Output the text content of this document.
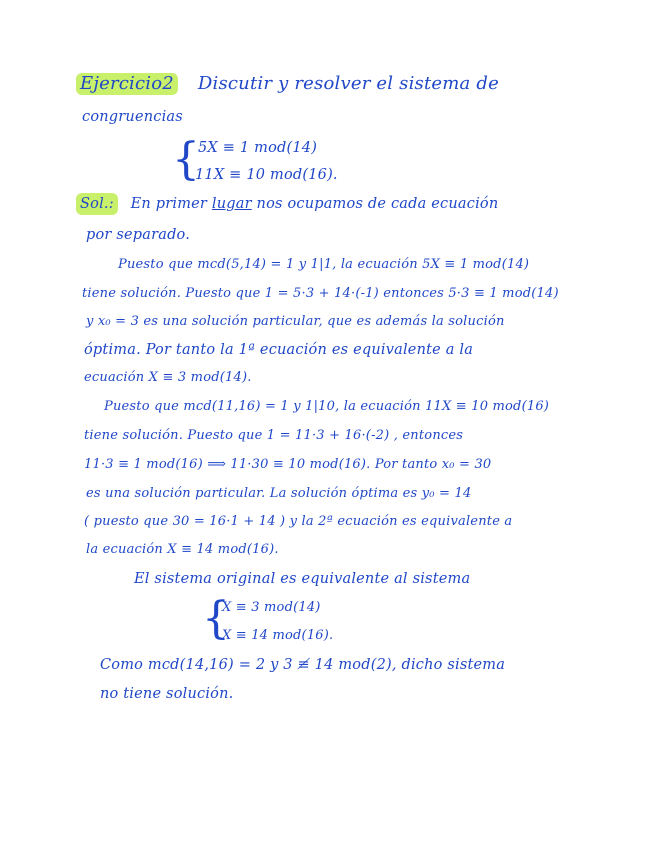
Ejercicio2 Discutir y resolver el sistema de
congruencias
{
5X ≡ 1 mod(14)
11X ≡ 10 mod(16).
Sol.: En primer lugar nos ocupamos de cada ecuación
por separado.
Puesto que mcd(5,14) = 1 y 1|1, la ecuación 5X ≡ 1 mod(14)
tiene solución. Puesto que 1 = 5·3 + 14·(-1) entonces 5·3 ≡ 1 mod(14)
y x₀ = 3 es una solución particular, que es además la solución
óptima. Por tanto la 1ª ecuación es equivalente a la
ecuación X ≡ 3 mod(14).
Puesto que mcd(11,16) = 1 y 1|10, la ecuación 11X ≡ 10 mod(16)
tiene solución. Puesto que 1 = 11·3 + 16·(-2) , entonces
11·3 ≡ 1 mod(16) ⟹ 11·30 ≡ 10 mod(16). Por tanto x₀ = 30
es una solución particular. La solución óptima es y₀ = 14
( puesto que 30 = 16·1 + 14 ) y la 2ª ecuación es equivalente a
la ecuación X ≡ 14 mod(16).
El sistema original es equivalente al sistema
{
X ≡ 3 mod(14)
X ≡ 14 mod(16).
Como mcd(14,16) = 2 y 3 ≢ 14 mod(2), dicho sistema
no tiene solución.
